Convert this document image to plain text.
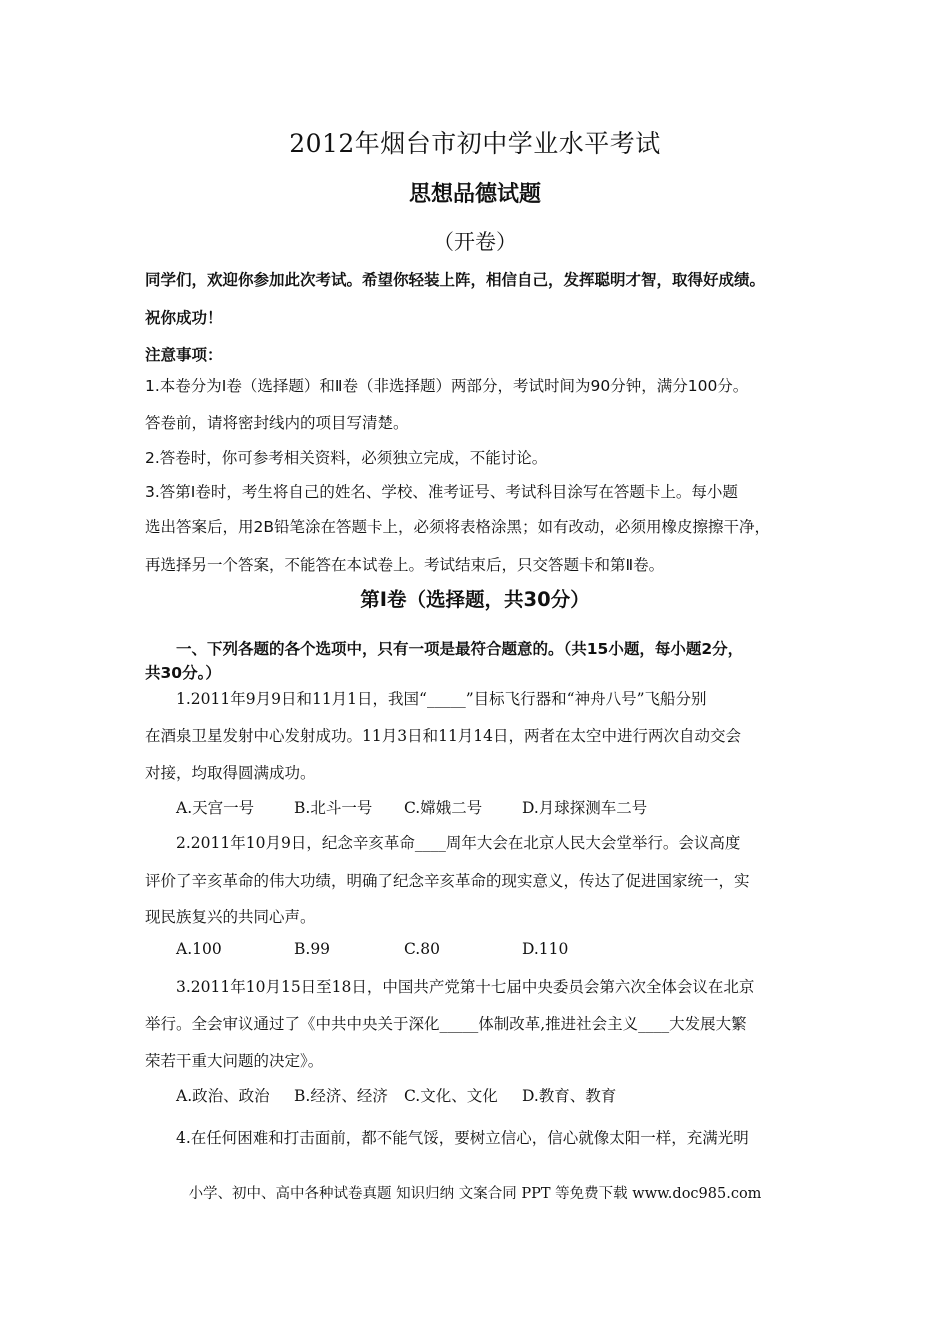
2012年烟台市初中学业水平考试
思想品德试题
（开卷）
同学们，欢迎你参加此次考试。希望你轻装上阵，相信自己，发挥聪明才智，取得好成绩。
祝你成功！
注意事项：
1.本卷分为Ⅰ卷（选择题）和Ⅱ卷（非选择题）两部分，考试时间为90分钟，满分100分。
答卷前，请将密封线内的项目写清楚。
2.答卷时，你可参考相关资料，必须独立完成，不能讨论。
3.答第Ⅰ卷时，考生将自己的姓名、学校、准考证号、考试科目涂写在答题卡上。每小题
选出答案后，用2B铅笔涂在答题卡上，必须将表格涂黑；如有改动，必须用橡皮擦擦干净，
再选择另一个答案，不能答在本试卷上。考试结束后，只交答题卡和第Ⅱ卷。
第Ⅰ卷（选择题，共30分）
一、下列各题的各个选项中，只有一项是最符合题意的。（共15小题，每小题2分，
共30分。）
1.2011年9月9日和11月1日，我国“_____”目标飞行器和“神舟八号”飞船分别
在酒泉卫星发射中心发射成功。11月3日和11月14日，两者在太空中进行两次自动交会
对接，均取得圆满成功。
A.天宫一号	B.北斗一号 C.嫦娥二号	D.月球探测车二号
2.2011年10月9日，纪念辛亥革命____周年大会在北京人民大会堂举行。会议高度
评价了辛亥革命的伟大功绩，明确了纪念辛亥革命的现实意义，传达了促进国家统一，实
现民族复兴的共同心声。
A.100	B.99	C.80	D.110
3.2011年10月15日至18日，中国共产党第十七届中央委员会第六次全体会议在北京
举行。全会审议通过了《中共中央关于深化_____体制改革,推进社会主义____大发展大繁
荣若干重大问题的决定》。
A.政治、政治 B.经济、经济 C.文化、文化 D.教育、教育
4.在任何困难和打击面前，都不能气馁，要树立信心，信心就像太阳一样，充满光明
小学、初中、高中各种试卷真题 知识归纳 文案合同 PPT 等免费下载 www.doc985.com
